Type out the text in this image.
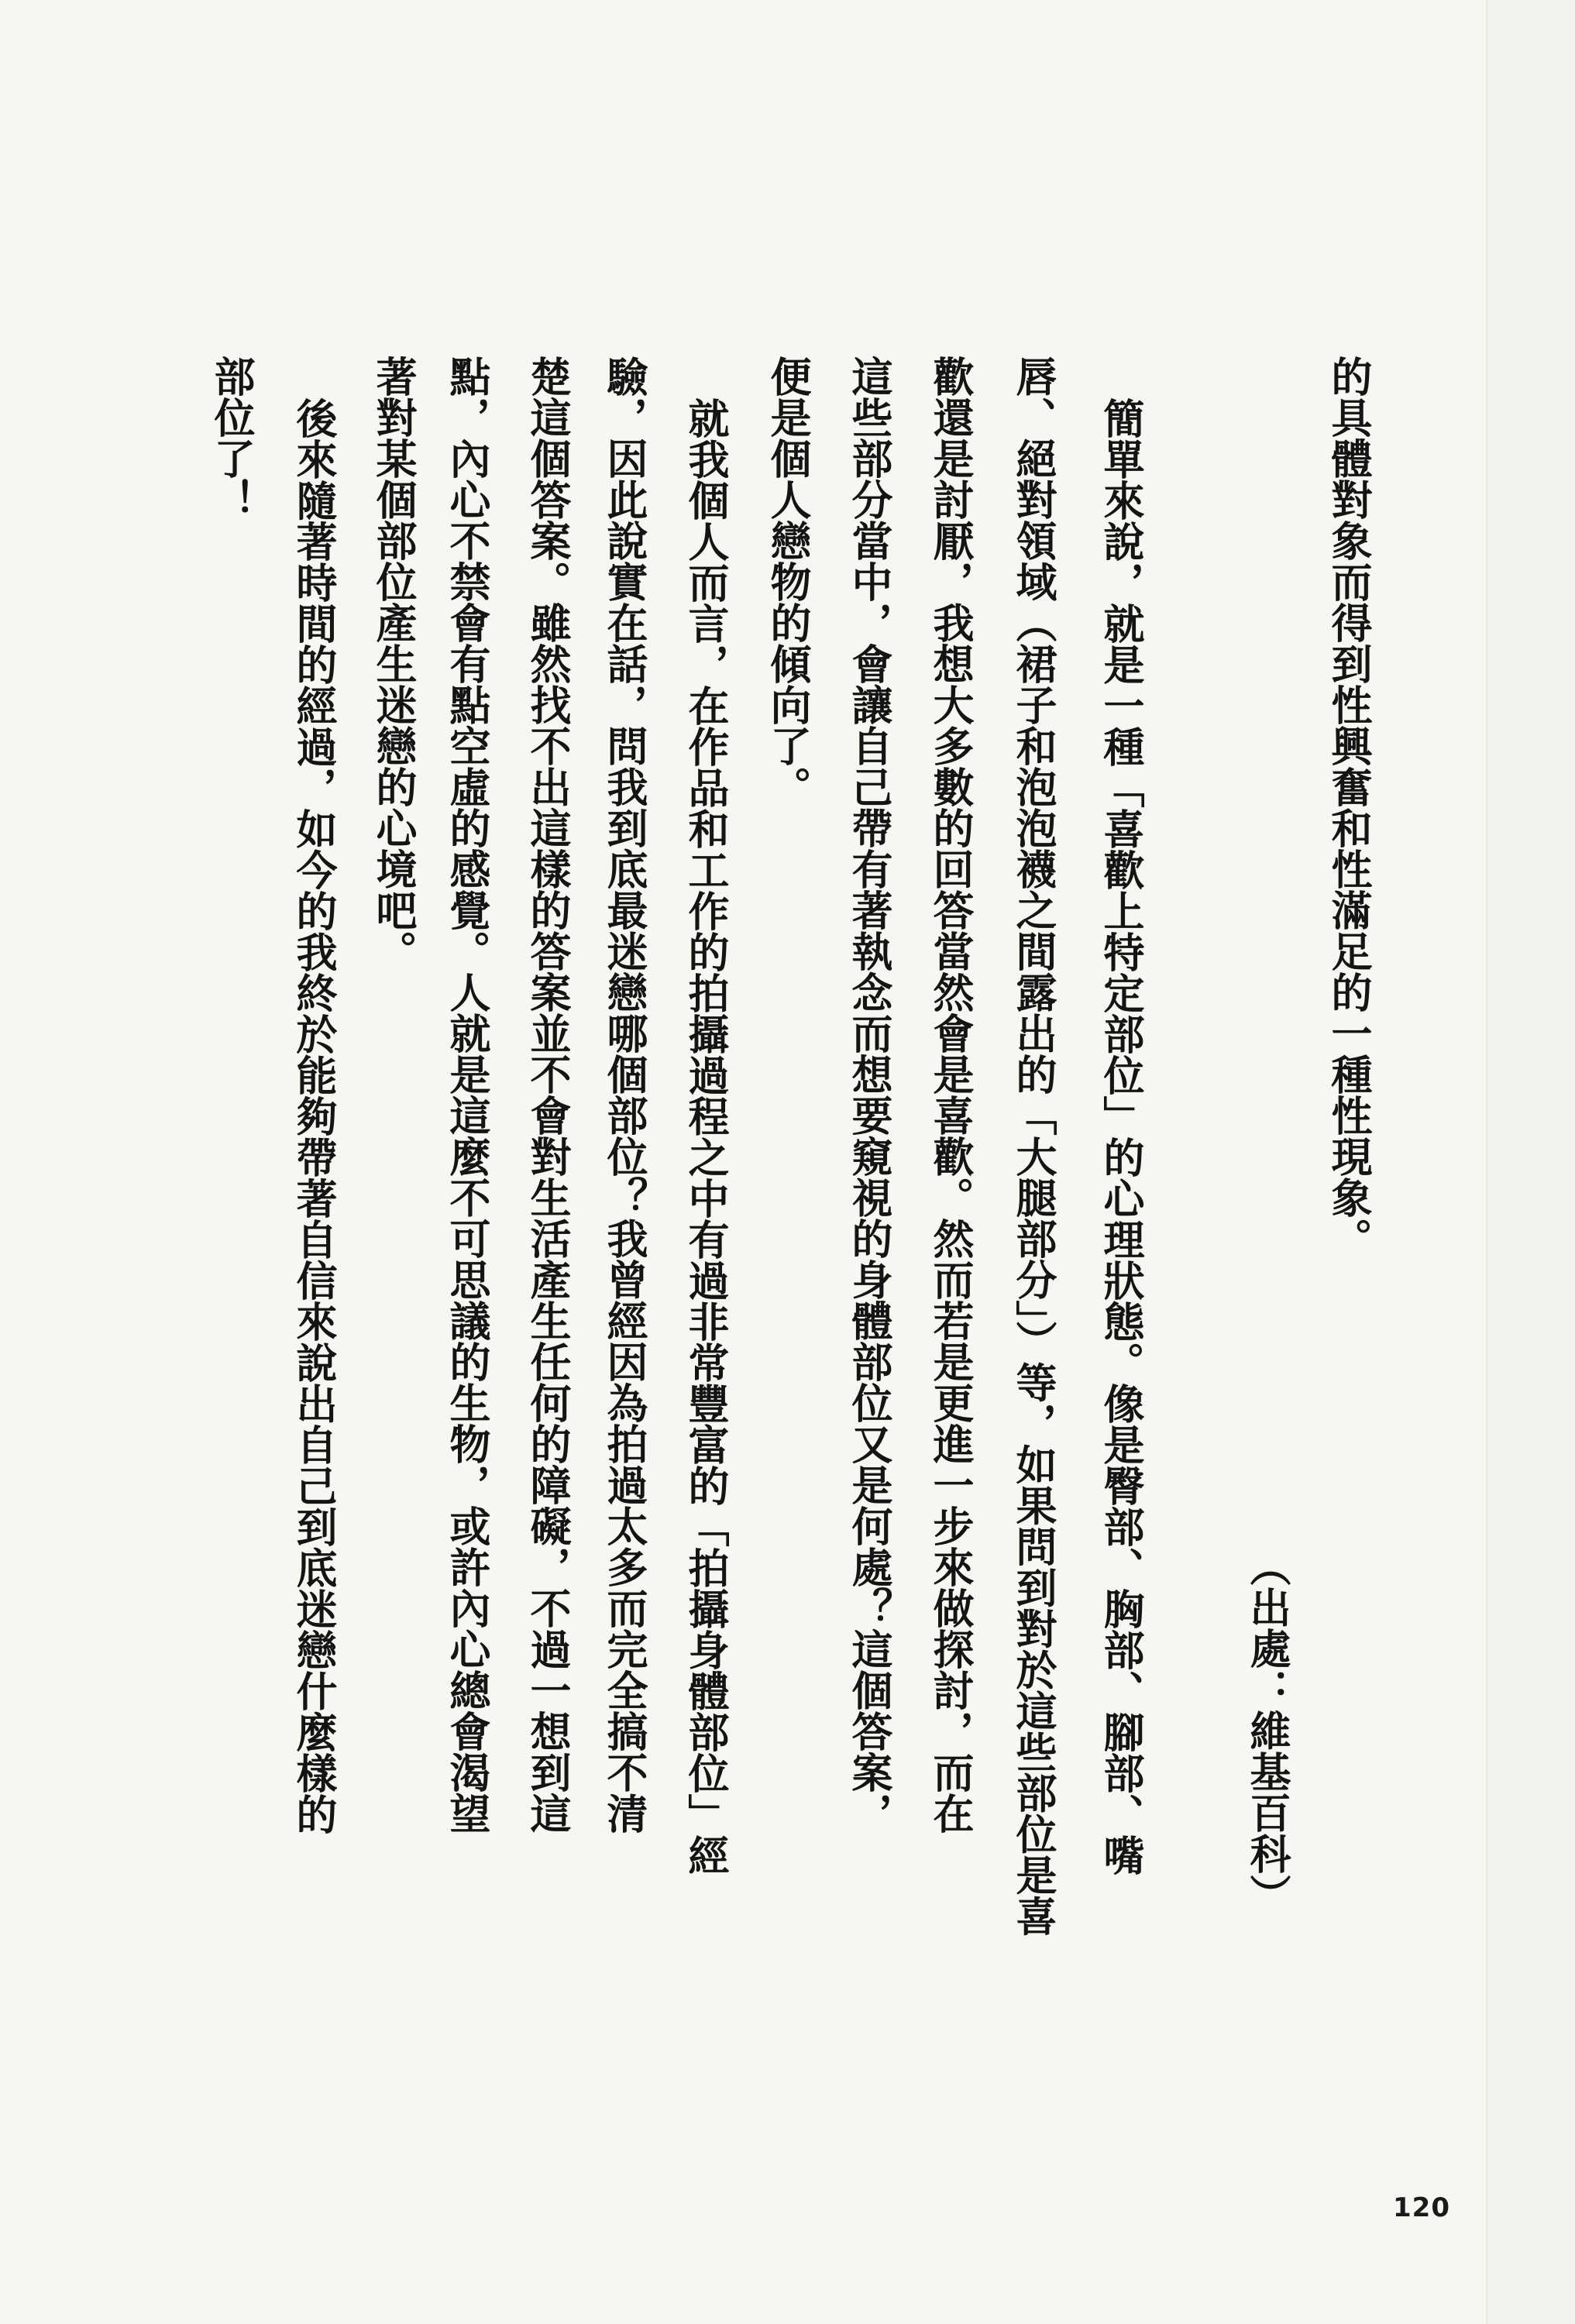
的具體對象而得到性興奮和性滿足的一種性現象。
（出處：維基百科）
簡單來說，就是一種「喜歡上特定部位」的心理狀態。像是臀部、胸部、腳部、嘴
唇、絕對領域（裙子和泡泡襪之間露出的「大腿部分」）等，如果問到對於這些部位是喜
歡還是討厭，我想大多數的回答當然會是喜歡。然而若是更進一步來做探討，而在
這些部分當中，會讓自己帶有著執念而想要窺視的身體部位又是何處？這個答案，
便是個人戀物的傾向了。
就我個人而言，在作品和工作的拍攝過程之中有過非常豐富的「拍攝身體部位」經
驗，因此說實在話，問我到底最迷戀哪個部位？我曾經因為拍過太多而完全搞不清
楚這個答案。雖然找不出這樣的答案並不會對生活產生任何的障礙，不過一想到這
點，內心不禁會有點空虛的感覺。人就是這麼不可思議的生物，或許內心總會渴望
著對某個部位產生迷戀的心境吧。
後來隨著時間的經過，如今的我終於能夠帶著自信來說出自己到底迷戀什麼樣的
部位了！
120
